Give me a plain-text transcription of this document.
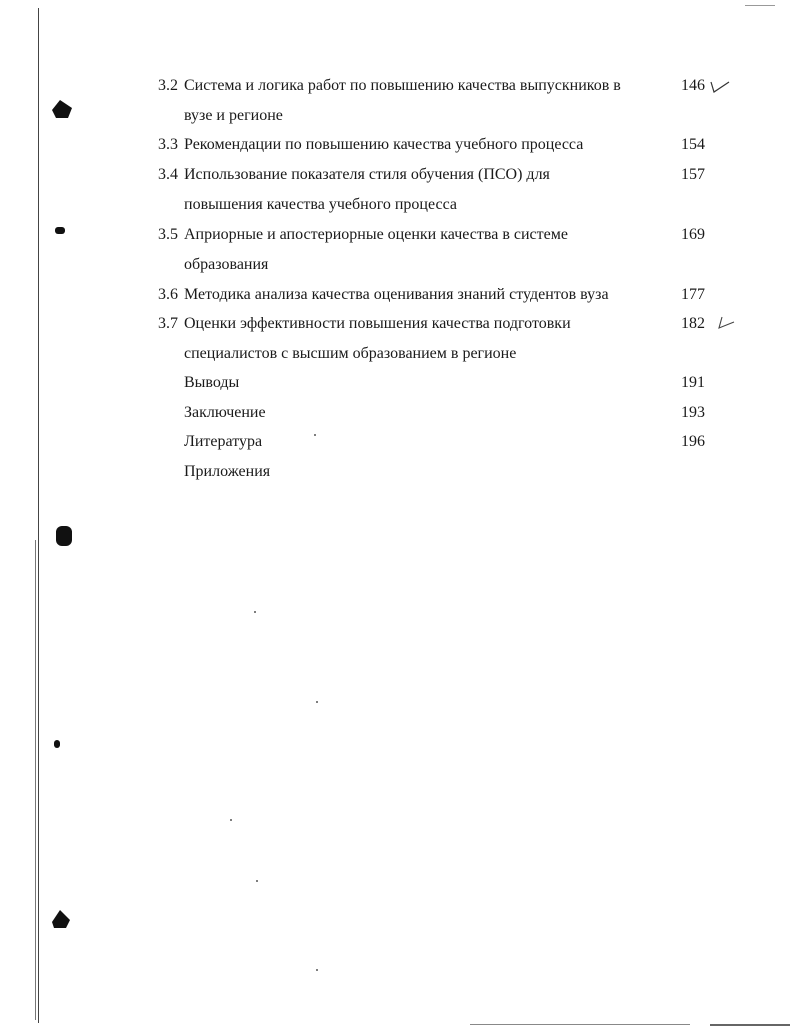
3.2 Система и логика работ по повышению качества выпускников в	146
вузе и регионе
3.3 Рекомендации по повышению качества учебного процесса	154
3.4 Использование показателя стиля обучения (ПСО) для	157
повышения качества учебного процесса
3.5 Априорные и апостериорные оценки качества в системе	169
образования
3.6 Методика анализа качества оценивания знаний студентов вуза	177
3.7 Оценки эффективности повышения качества подготовки	182
специалистов с высшим образованием в регионе
Выводы	191
Заключение	193
Литература	196
Приложения
